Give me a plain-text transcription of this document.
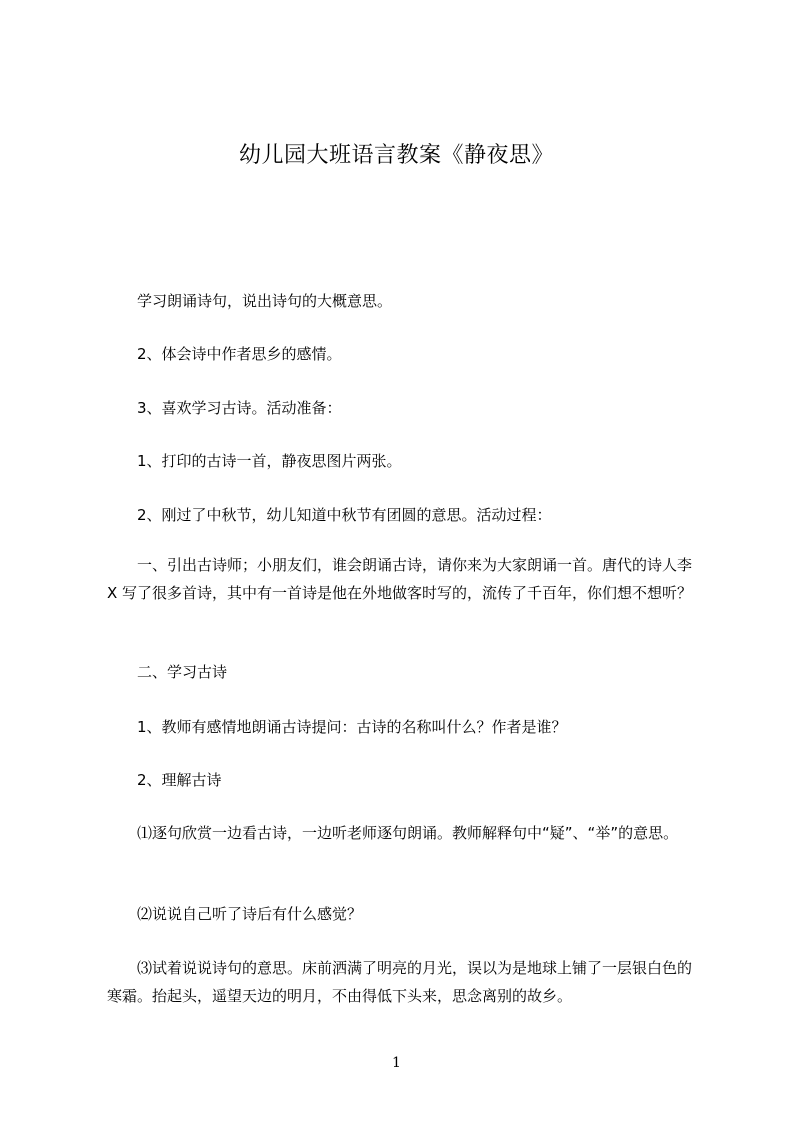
幼儿园大班语言教案《静夜思》
学习朗诵诗句，说出诗句的大概意思。
2、体会诗中作者思乡的感情。
3、喜欢学习古诗。活动准备：
1、打印的古诗一首，静夜思图片两张。
2、刚过了中秋节，幼儿知道中秋节有团圆的意思。活动过程：
一、引出古诗师；小朋友们，谁会朗诵古诗，请你来为大家朗诵一首。唐代的诗人李 X 写了很多首诗，其中有一首诗是他在外地做客时写的，流传了千百年，你们想不想听？
二、学习古诗
1、教师有感情地朗诵古诗提问：古诗的名称叫什么？作者是谁？
2、理解古诗
⑴逐句欣赏一边看古诗，一边听老师逐句朗诵。教师解释句中“疑”、“举”的意思。
⑵说说自己听了诗后有什么感觉？
⑶试着说说诗句的意思。床前洒满了明亮的月光，误以为是地球上铺了一层银白色的寒霜。抬起头，遥望天边的明月，不由得低下头来，思念离别的故乡。
1
